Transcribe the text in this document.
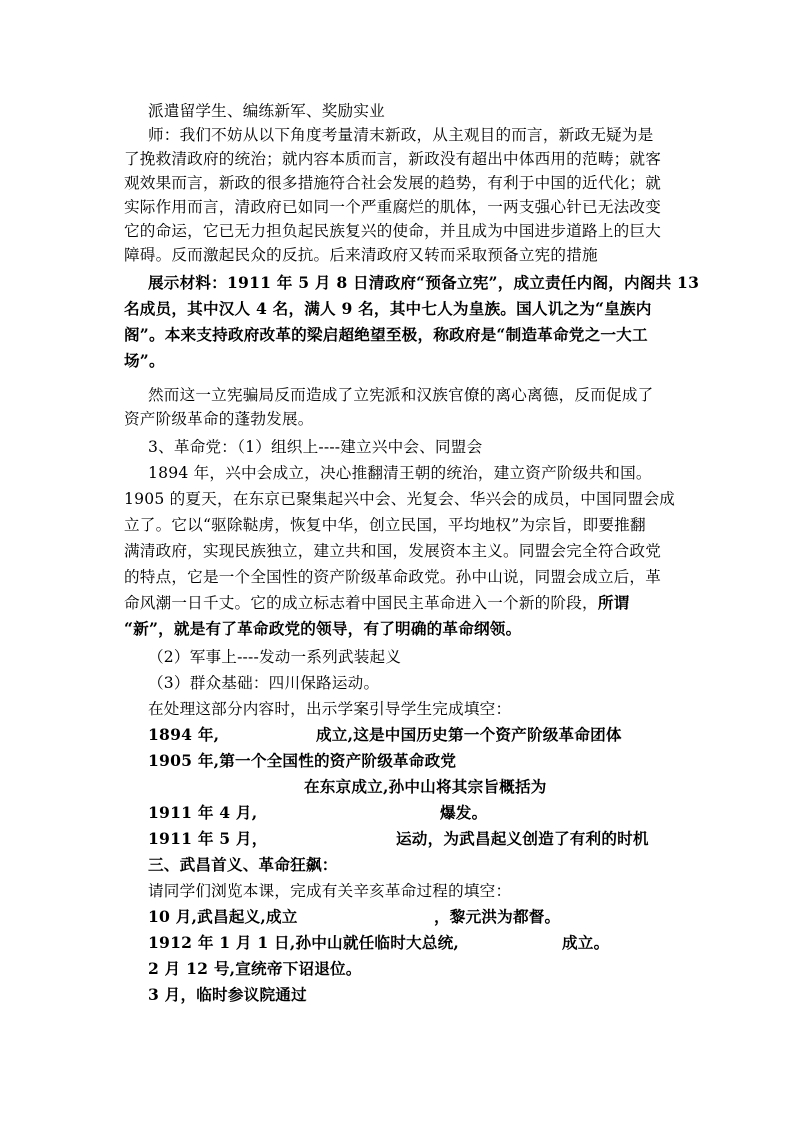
派遣留学生、编练新军、奖励实业
师：我们不妨从以下角度考量清末新政，从主观目的而言，新政无疑为是
了挽救清政府的统治；就内容本质而言，新政没有超出中体西用的范畴；就客
观效果而言，新政的很多措施符合社会发展的趋势，有利于中国的近代化；就
实际作用而言，清政府已如同一个严重腐烂的肌体，一两支强心针已无法改变
它的命运，它已无力担负起民族复兴的使命，并且成为中国进步道路上的巨大
障碍。反而激起民众的反抗。后来清政府又转而采取预备立宪的措施
展示材料：1911 年 5 月 8 日清政府“预备立宪”，成立责任内阁，内阁共 13
名成员，其中汉人 4 名，满人 9 名，其中七人为皇族。国人讥之为“皇族内
阁”。本来支持政府改革的梁启超绝望至极，称政府是“制造革命党之一大工
场”。
然而这一立宪骗局反而造成了立宪派和汉族官僚的离心离德，反而促成了
资产阶级革命的蓬勃发展。
3、革命党：（1）组织上----建立兴中会、同盟会
1894 年，兴中会成立，决心推翻清王朝的统治，建立资产阶级共和国。
1905 的夏天，在东京已聚集起兴中会、光复会、华兴会的成员，中国同盟会成
立了。它以“驱除鞑虏，恢复中华，创立民国，平均地权”为宗旨，即要推翻
满清政府，实现民族独立，建立共和国，发展资本主义。同盟会完全符合政党
的特点，它是一个全国性的资产阶级革命政党。孙中山说，同盟会成立后，革
命风潮一日千丈。它的成立标志着中国民主革命进入一个新的阶段，所谓
“新”，就是有了革命政党的领导，有了明确的革命纲领。
（2）军事上----发动一系列武装起义
（3）群众基础：四川保路运动。
在处理这部分内容时，出示学案引导学生完成填空：
1894 年,	成立,这是中国历史第一个资产阶级革命团体
1905 年,第一个全国性的资产阶级革命政党
在东京成立,孙中山将其宗旨概括为
1911 年 4 月,	爆发。
1911 年 5 月，	运动，为武昌起义创造了有利的时机
三、武昌首义、革命狂飙：
请同学们浏览本课，完成有关辛亥革命过程的填空：
10 月,武昌起义,成立	，黎元洪为都督。
1912 年 1 月 1 日,孙中山就任临时大总统,	成立。
2 月 12 号,宣统帝下诏退位。
3 月，临时参议院通过
